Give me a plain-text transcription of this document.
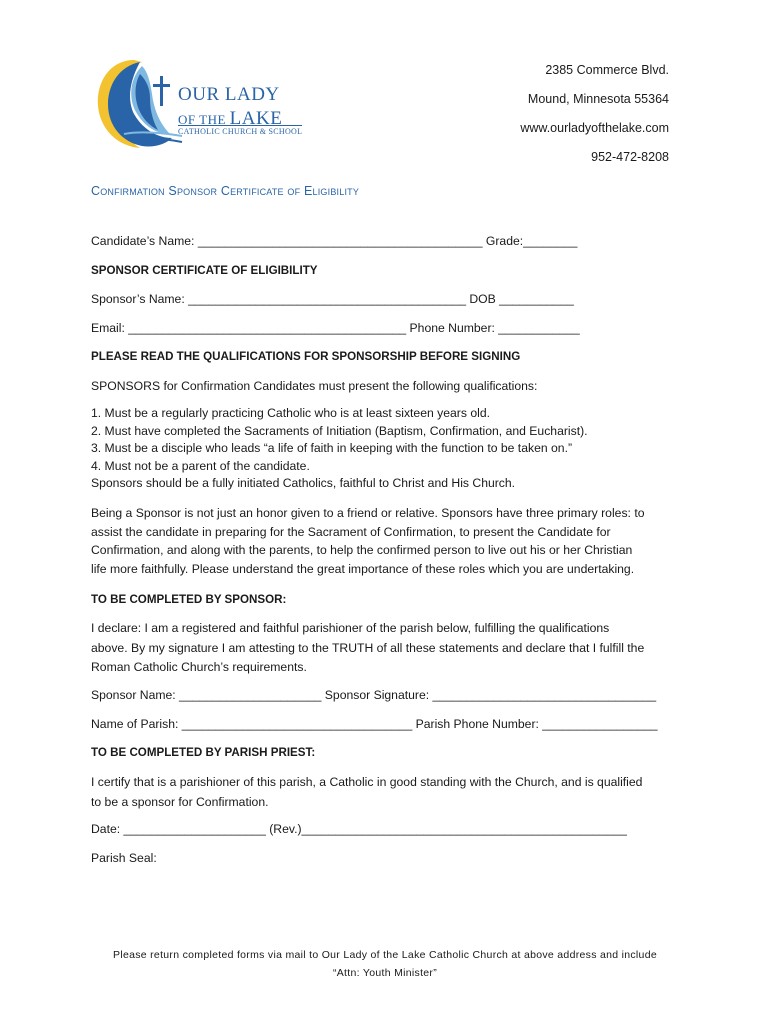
OUR LADY
OF THE LAKE
CATHOLIC CHURCH & SCHOOL
2385 Commerce Blvd.
Mound, Minnesota 55364
www.ourladyofthelake.com
952-472-8208
Confirmation Sponsor Certificate of Eligibility
Candidate’s Name: __________________________________________ Grade:________
SPONSOR CERTIFICATE OF ELIGIBILITY
Sponsor’s Name: _________________________________________ DOB ___________
Email: _________________________________________ Phone Number: ____________
PLEASE READ THE QUALIFICATIONS FOR SPONSORSHIP BEFORE SIGNING
SPONSORS for Confirmation Candidates must present the following qualifications:
1. Must be a regularly practicing Catholic who is at least sixteen years old.
2. Must have completed the Sacraments of Initiation (Baptism, Confirmation, and Eucharist).
3. Must be a disciple who leads “a life of faith in keeping with the function to be taken on.”
4. Must not be a parent of the candidate.
Sponsors should be a fully initiated Catholics, faithful to Christ and His Church.
Being a Sponsor is not just an honor given to a friend or relative. Sponsors have three primary roles: to
assist the candidate in preparing for the Sacrament of Confirmation, to present the Candidate for
Confirmation, and along with the parents, to help the confirmed person to live out his or her Christian
life more faithfully. Please understand the great importance of these roles which you are undertaking.
TO BE COMPLETED BY SPONSOR:
I declare: I am a registered and faithful parishioner of the parish below, fulfilling the qualifications
above. By my signature I am attesting to the TRUTH of all these statements and declare that I fulfill the
Roman Catholic Church’s requirements.
Sponsor Name: _____________________ Sponsor Signature: _________________________________
Name of Parish: __________________________________ Parish Phone Number: _________________
TO BE COMPLETED BY PARISH PRIEST:
I certify that is a parishioner of this parish, a Catholic in good standing with the Church, and is qualified
to be a sponsor for Confirmation.
Date: _____________________ (Rev.)________________________________________________
Parish Seal:
Please return completed forms via mail to Our Lady of the Lake Catholic Church at above address and include
“Attn: Youth Minister”
